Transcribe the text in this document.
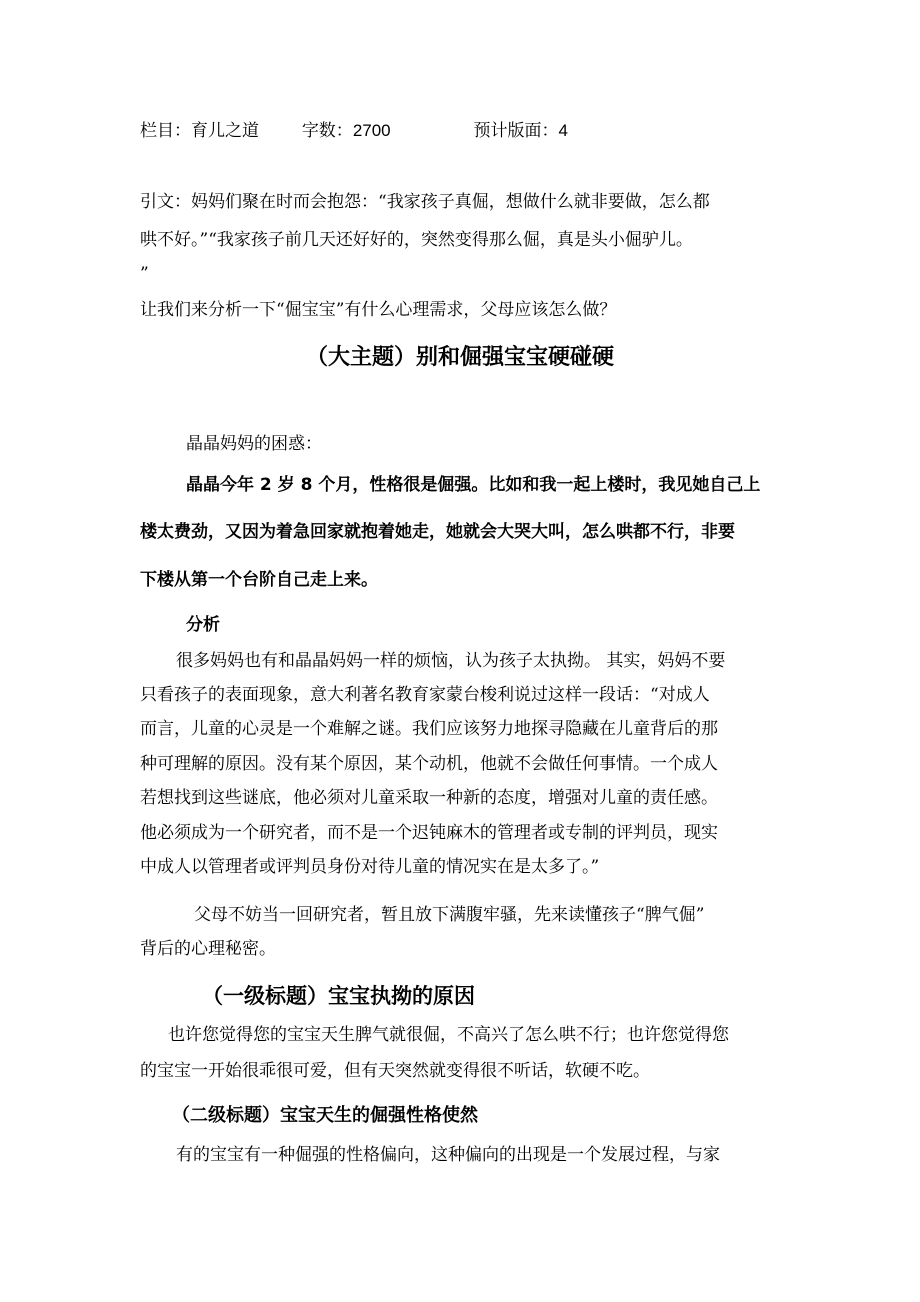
栏目：育儿之道	字数：2700	预计版面：4
引文：妈妈们聚在时而会抱怨：“我家孩子真倔，想做什么就非要做，怎么都
哄不好。”“我家孩子前几天还好好的，突然变得那么倔，真是头小倔驴儿。
”
让我们来分析一下“倔宝宝”有什么心理需求，父母应该怎么做？
（大主题）别和倔强宝宝硬碰硬
晶晶妈妈的困惑：
晶晶今年 2 岁 8 个月，性格很是倔强。比如和我一起上楼时，我见她自己上
楼太费劲，又因为着急回家就抱着她走，她就会大哭大叫，怎么哄都不行，非要
下楼从第一个台阶自己走上来。
分析
很多妈妈也有和晶晶妈妈一样的烦恼，认为孩子太执拗。 其实，妈妈不要
只看孩子的表面现象，意大利著名教育家蒙台梭利说过这样一段话：“对成人
而言，儿童的心灵是一个难解之谜。我们应该努力地探寻隐藏在儿童背后的那
种可理解的原因。没有某个原因，某个动机，他就不会做任何事情。一个成人
若想找到这些谜底，他必须对儿童采取一种新的态度，增强对儿童的责任感。
他必须成为一个研究者，而不是一个迟钝麻木的管理者或专制的评判员，现实
中成人以管理者或评判员身份对待儿童的情况实在是太多了。”
父母不妨当一回研究者，暂且放下满腹牢骚，先来读懂孩子“脾气倔”
背后的心理秘密。
（一级标题）宝宝执拗的原因
也许您觉得您的宝宝天生脾气就很倔，不高兴了怎么哄不行；也许您觉得您
的宝宝一开始很乖很可爱，但有天突然就变得很不听话，软硬不吃。
（二级标题）宝宝天生的倔强性格使然
有的宝宝有一种倔强的性格偏向，这种偏向的出现是一个发展过程，与家
